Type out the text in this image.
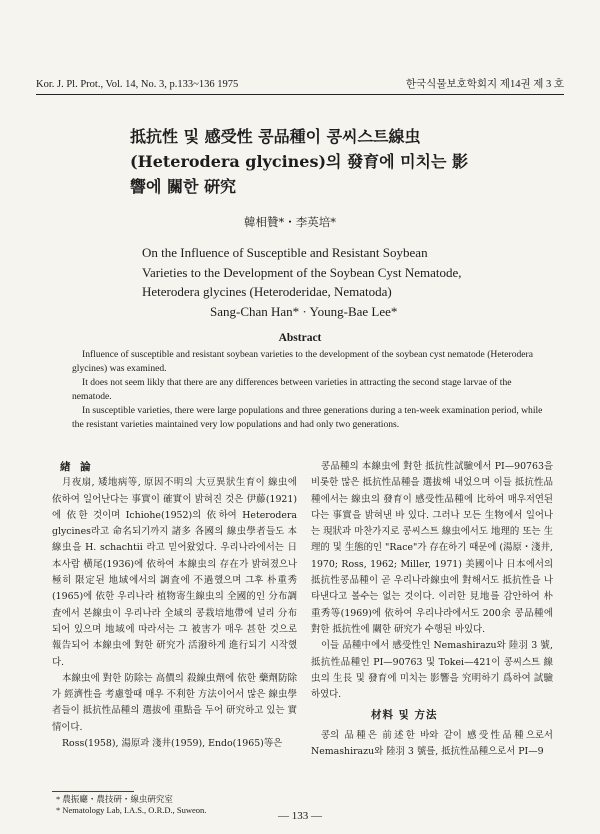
Kor. J. Pl. Prot., Vol. 14, No. 3, p.133~136 1975	한국식물보호학회지 제14권 제 3 호

抵抗性 및 感受性 콩品種이 콩씨스트線虫

(Heterodera glycines)의 發育에 미치는 影

響에 關한 硏究

韓相贊*・李英培*
On the Influence of Susceptible and Resistant Soybean
Varieties to the Development of the Soybean Cyst Nematode,
Heterodera glycines (Heteroderidae, Nematoda)
Sang-Chan Han* · Young-Bae Lee*
Abstract

Influence of susceptible and resistant soybean varieties to the development of the soybean cyst nematode (Heterodera glycines) was examined.

It does not seem likly that there are any differences between varieties in attracting the second stage larvae of the nematode.

In susceptible varieties, there were large populations and three generations during a ten-week examination period, while the resistant varieties maintained very low populations and had only two generations.

緖 論

月夜扇, 矮地病等, 原因不明의 大豆異狀生育이 線虫에 依하여 일어난다는 事實이 確實이 밝혀진 것은 伊藤(1921)에 依한 것이며 Ichiohe(1952)의 依하여 Heterodera glycines라고 命名되기까지 諸多 各國의 線虫學者들도 本線虫을 H. schachtii 라고 믿어왔었다. 우리나라에서는 日本사람 横尾(1936)에 依하여 本線虫의 存在가 밝혀졌으나 極히 限定된 地域에서의 調査에 不過했으며 그후 朴重秀(1965)에 依한 우리나라 植物寄生線虫의 全國的인 分布調査에서 본線虫이 우리나라 全域의 콩栽培地帶에 널리 分布되어 있으며 地域에 따라서는 그 被害가 매우 甚한 것으로 報告되어 本線虫에 對한 研究가 活潑하게 進行되기 시작했다.

本線虫에 對한 防除는 高價의 殺線虫劑에 依한 藥劑防除가 經濟性을 考慮할때 매우 不利한 方法이어서 많은 線虫學者들이 抵抗性品種의 選拔에 重點을 두어 研究하고 있는 實情이다.

Ross(1958), 湯原과 淺井(1959), Endo(1965)等은

콩品種의 本線虫에 對한 抵抗性試驗에서 PI—90763을 비롯한 많은 抵抗性品種을 選拔해 내었으며 이들 抵抗性品種에서는 線虫의 發育이 感受性品種에 比하여 매우저연된다는 事實을 밝혀낸 바 있다. 그러나 모든 生物에서 일어나는 現狀과 마찬가지로 콩씨스트 線虫에서도 地理的 또는 生理的 및 生態的인 "Race"가 存在하기 때문에 (湯原・淺井, 1970; Ross, 1962; Miller, 1971) 美國이나 日本에서의 抵抗性콩品種이 곧 우리나라線虫에 對해서도 抵抗性을 나타낸다고 볼수는 없는 것이다. 이러한 見地를 감안하여 朴重秀等(1969)에 依하여 우리나라에서도 200余 콩品種에 對한 抵抗性에 關한 研究가 수행된 바있다.

이들 品種中에서 感受性인 Nemashirazu와 陸羽 3 號, 抵抗性品種인 PI—90763 및 Tokei—421이 콩씨스트 線虫의 生長 및 發育에 미치는 影響을 究明하기 爲하여 試驗하였다.

材料 및 方法

콩의 品種은 前述한 바와 같이 感受性品種으로서 Nemashirazu와 陸羽 3 號를, 抵抗性品種으로서 PI—9

* 農振廳・農技硏・線虫硏究室
* Nematology Lab, I.A.S., O.R.D., Suweon.	— 133 —
